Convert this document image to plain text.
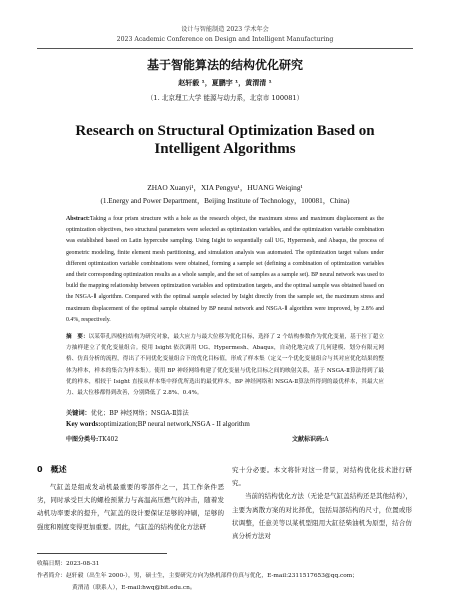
设计与智能制造 2023 学术年会
2023 Academic Conference on Design and Intelligent Manufacturing
基于智能算法的结构优化研究
赵轩毅 ¹，夏鹏宇 ¹，黄渭清 ¹
（1. 北京理工大学 能源与动力系，北京市 100081）
Research on Structural Optimization Based on Intelligent Algorithms
ZHAO Xuanyi¹，XIA Pengyu¹，HUANG Weiqing¹
(1.Energy and Power Department，Beijing Institute of Technology，100081，China)
Abstract:Taking a four prism structure with a hole as the research object, the maximum stress and maximum displacement as the optimization objectives, two structural parameters were selected as optimization variables, and the optimization variable combination was established based on Latin hypercube sampling. Using Isight to sequentially call UG, Hypermesh, and Abaqus, the process of geometric modeling, finite element mesh partitioning, and simulation analysis was automated. The optimization target values under different optimization variable combinations were obtained, forming a sample set (defining a combination of optimization variables and their corresponding optimization results as a whole sample, and the set of samples as a sample set). BP neural network was used to build the mapping relationship between optimization variables and optimization targets, and the optimal sample was obtained based on the NSGA-Ⅱ algorithm. Compared with the optimal sample selected by Isight directly from the sample set, the maximum stress and maximum displacement of the optimal sample obtained by BP neural network and NSGA-Ⅱ algorithm were improved, by 2.8% and 0.4%, respectively.
摘　要：以某带孔四棱柱结构为研究对象，最大应力与最大位移为优化目标，选择了 2 个结构参数作为优化变量，基于拉丁超立方抽样建立了优化变量组合。使用 Isight 依次调用 UG、Hypermesh、Abaqus，自动化地完成了几何建模、划分有限元网格、仿真分析的流程，得出了不同优化变量组合下的优化目标值，形成了样本集（定义一个优化变量组合与其对应优化结果的整体为样本，样本的集合为样本集）。使用 BP 神经网络构建了优化变量与优化目标之间的映射关系，基于 NSGA-Ⅱ算法得到了最优的样本，相较于 Isight 直接从样本集中择优所选出的最优样本，BP 神经网络和 NSGA-Ⅱ算法所得到的最优样本，其最大应力、最大位移都得到改善，分别降低了 2.8%、0.4%。
关键词：优化；BP 神经网络；NSGA-Ⅱ算法
Key words:optimization;BP neural network,NSGA - II algorithm
中图分类号:TK402	文献标识码:A
0　概述

气缸盖是组成发动机最重要的零部件之一，其工作条件恶劣，同时承受巨大的螺栓预紧力与高温高压燃气的冲击，随着发动机功率要求的提升，气缸盖的设计要保证足够的冲刷，足够的强度和刚度变得更加重要。因此，气缸盖的结构优化方法研

究十分必要。本文将针对这一背景，对结构优化技术进行研究。

当前的结构优化方法（无论是气缸盖结构还是其他结构），主要为离散方案的对比择优，包括局部结构的尺寸，位置或形状调整，任意美等以某机型阻用大缸径柴油机为原型，结合仿真分析方法对

收稿日期：2023-08-31
作者简介：赵轩毅（出生年 2000-），男，硕士生，主要研究方向为热机部件仿真与优化，E-mail:2311517653@qq.com；
黄渭清（联系人），E-mail:hwq@bit.edu.cn。
